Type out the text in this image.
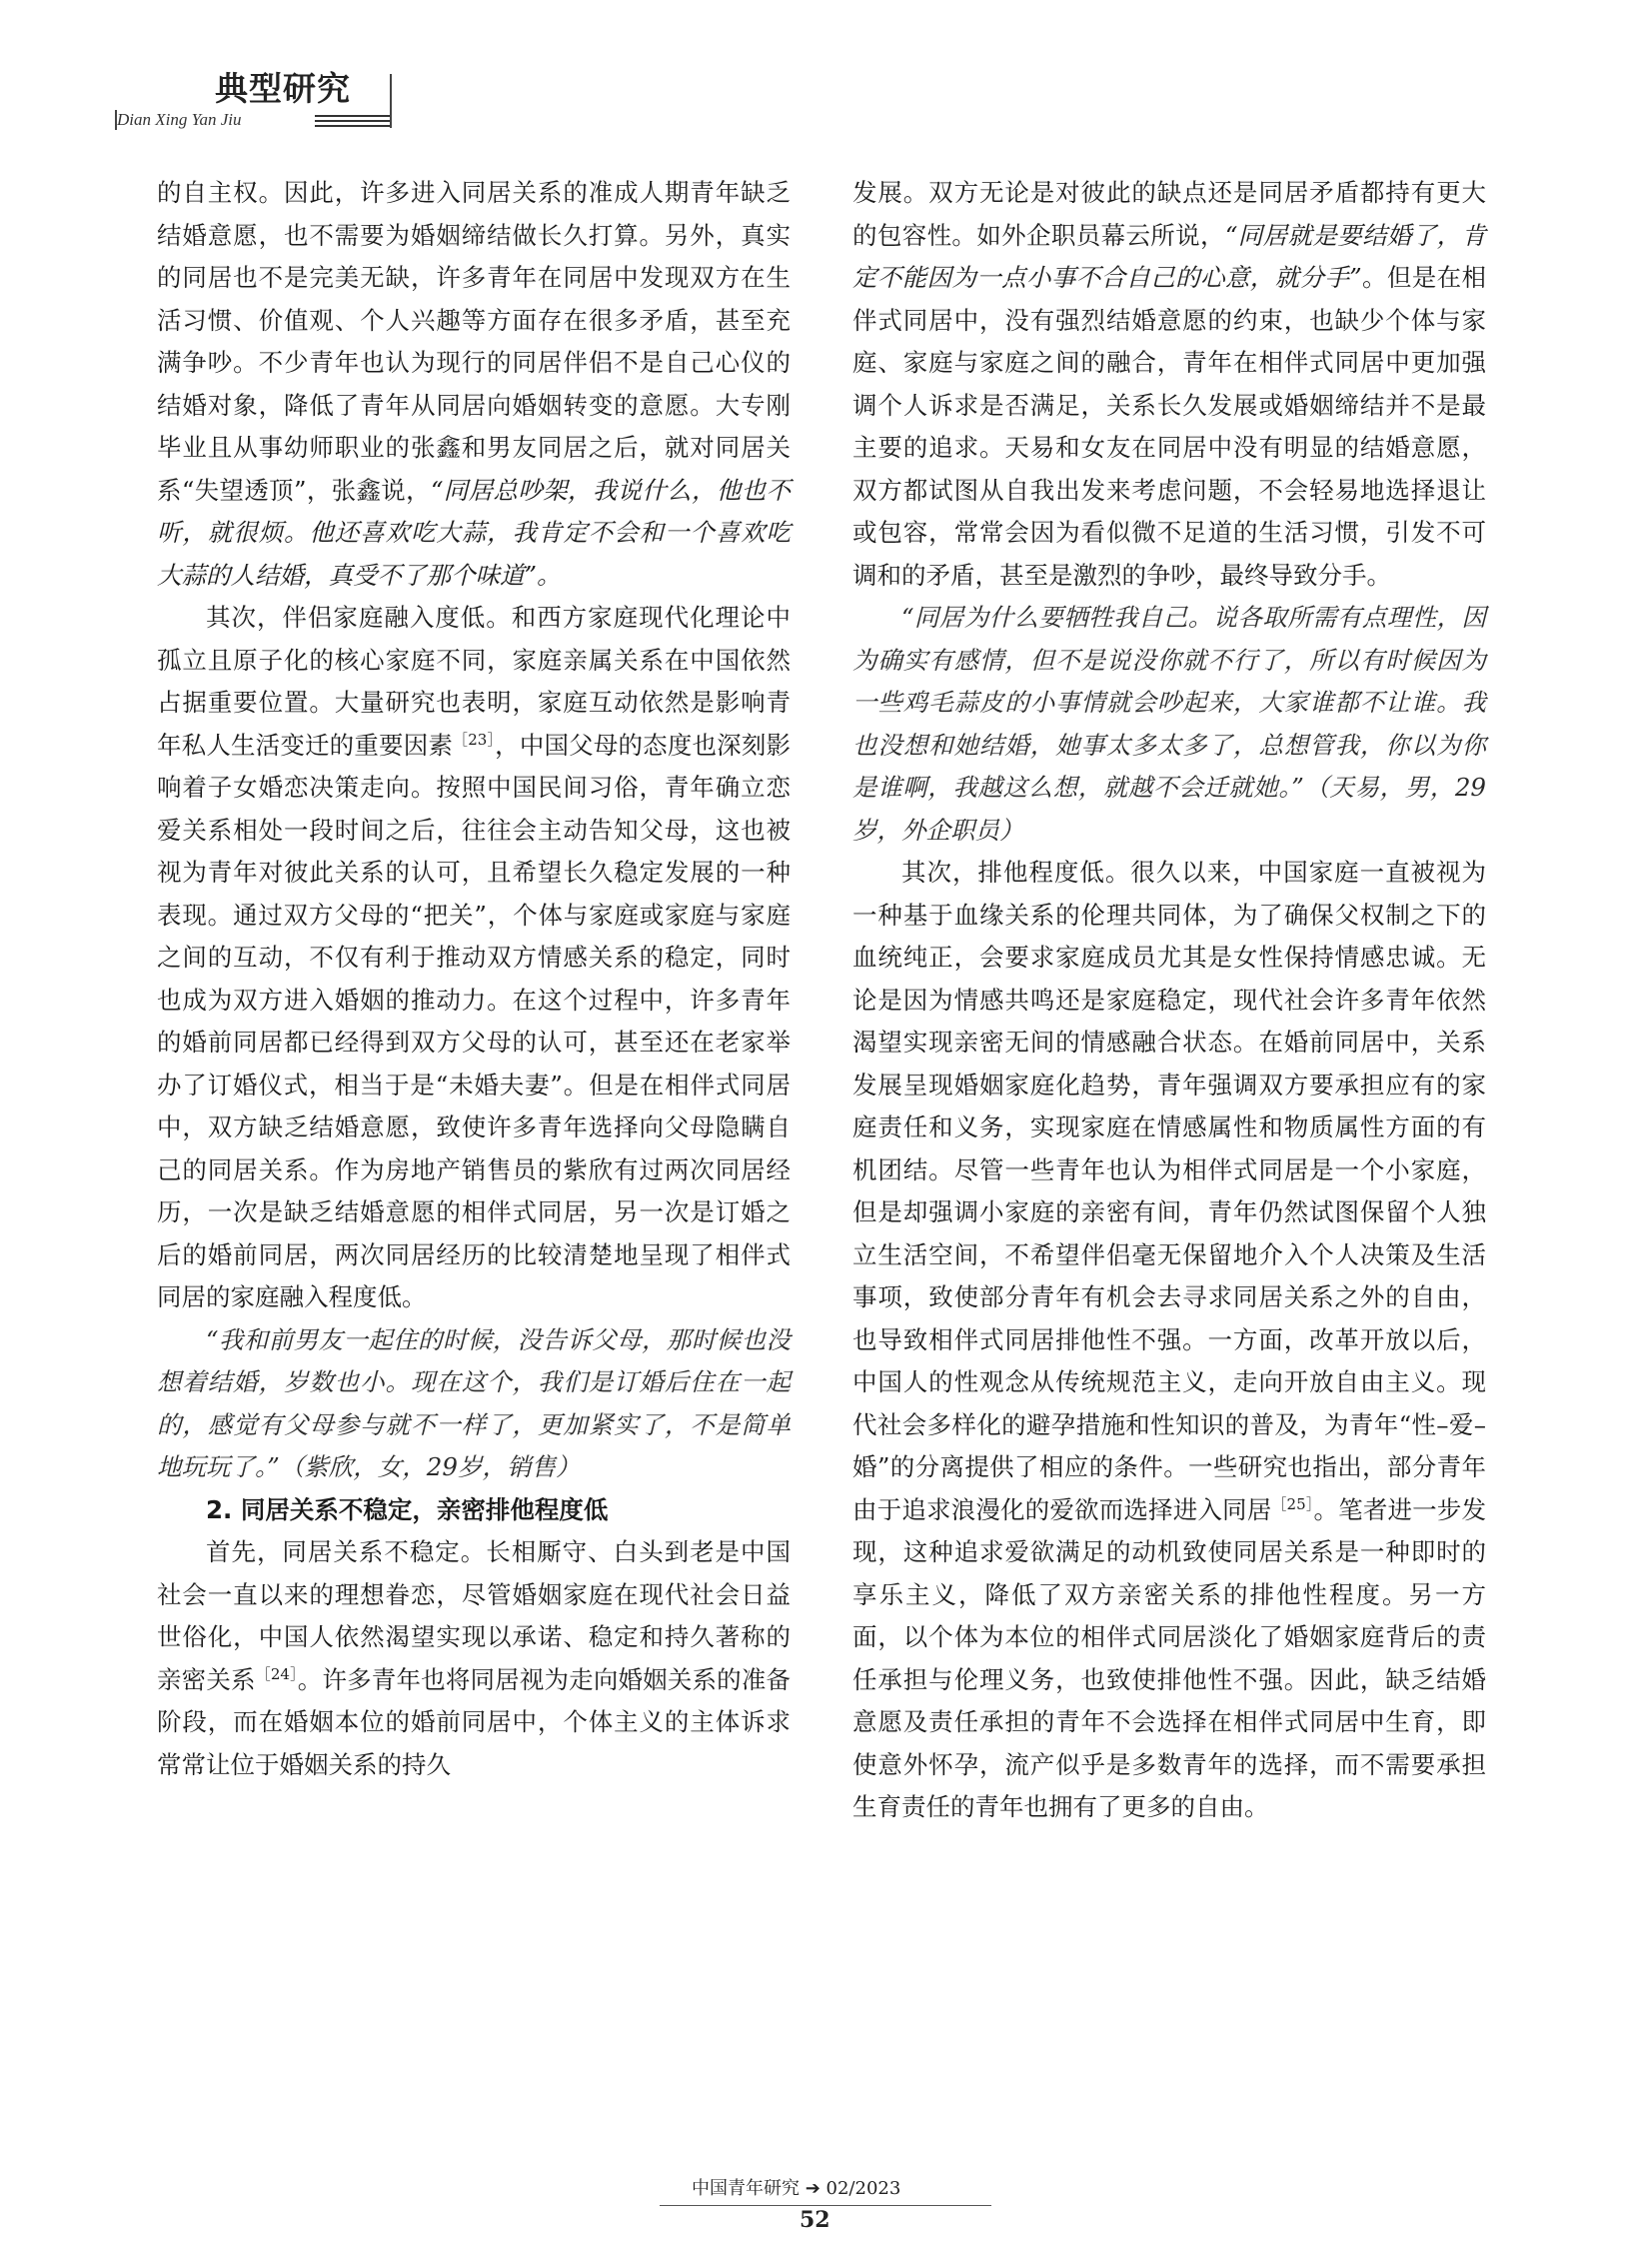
典型研究
Dian Xing Yan Jiu

的自主权。因此，许多进入同居关系的准成人期青年缺乏结婚意愿，也不需要为婚姻缔结做长久打算。另外，真实的同居也不是完美无缺，许多青年在同居中发现双方在生活习惯、价值观、个人兴趣等方面存在很多矛盾，甚至充满争吵。不少青年也认为现行的同居伴侣不是自己心仪的结婚对象，降低了青年从同居向婚姻转变的意愿。大专刚毕业且从事幼师职业的张鑫和男友同居之后，就对同居关系“失望透顶”，张鑫说，“同居总吵架，我说什么，他也不听，就很烦。他还喜欢吃大蒜，我肯定不会和一个喜欢吃大蒜的人结婚，真受不了那个味道”。

其次，伴侣家庭融入度低。和西方家庭现代化理论中孤立且原子化的核心家庭不同，家庭亲属关系在中国依然占据重要位置。大量研究也表明，家庭互动依然是影响青年私人生活变迁的重要因素$^{[23]}$，中国父母的态度也深刻影响着子女婚恋决策走向。按照中国民间习俗，青年确立恋爱关系相处一段时间之后，往往会主动告知父母，这也被视为青年对彼此关系的认可，且希望长久稳定发展的一种表现。通过双方父母的“把关”，个体与家庭或家庭与家庭之间的互动，不仅有利于推动双方情感关系的稳定，同时也成为双方进入婚姻的推动力。在这个过程中，许多青年的婚前同居都已经得到双方父母的认可，甚至还在老家举办了订婚仪式，相当于是“未婚夫妻”。但是在相伴式同居中，双方缺乏结婚意愿，致使许多青年选择向父母隐瞒自己的同居关系。作为房地产销售员的紫欣有过两次同居经历，一次是缺乏结婚意愿的相伴式同居，另一次是订婚之后的婚前同居，两次同居经历的比较清楚地呈现了相伴式同居的家庭融入程度低。

“我和前男友一起住的时候，没告诉父母，那时候也没想着结婚，岁数也小。现在这个，我们是订婚后住在一起的，感觉有父母参与就不一样了，更加紧实了，不是简单地玩玩了。”（紫欣，女，29岁，销售）

2. 同居关系不稳定，亲密排他程度低

首先，同居关系不稳定。长相厮守、白头到老是中国社会一直以来的理想眷恋，尽管婚姻家庭在现代社会日益世俗化，中国人依然渴望实现以承诺、稳定和持久著称的亲密关系$^{[24]}$。许多青年也将同居视为走向婚姻关系的准备阶段，而在婚姻本位的婚前同居中，个体主义的主体诉求常常让位于婚姻关系的持久

发展。双方无论是对彼此的缺点还是同居矛盾都持有更大的包容性。如外企职员幕云所说，“同居就是要结婚了，肯定不能因为一点小事不合自己的心意，就分手”。但是在相伴式同居中，没有强烈结婚意愿的约束，也缺少个体与家庭、家庭与家庭之间的融合，青年在相伴式同居中更加强调个人诉求是否满足，关系长久发展或婚姻缔结并不是最主要的追求。天易和女友在同居中没有明显的结婚意愿，双方都试图从自我出发来考虑问题，不会轻易地选择退让或包容，常常会因为看似微不足道的生活习惯，引发不可调和的矛盾，甚至是激烈的争吵，最终导致分手。

“同居为什么要牺牲我自己。说各取所需有点理性，因为确实有感情，但不是说没你就不行了，所以有时候因为一些鸡毛蒜皮的小事情就会吵起来，大家谁都不让谁。我也没想和她结婚，她事太多太多了，总想管我，你以为你是谁啊，我越这么想，就越不会迁就她。”（天易，男，29岁，外企职员）

其次，排他程度低。很久以来，中国家庭一直被视为一种基于血缘关系的伦理共同体，为了确保父权制之下的血统纯正，会要求家庭成员尤其是女性保持情感忠诚。无论是因为情感共鸣还是家庭稳定，现代社会许多青年依然渴望实现亲密无间的情感融合状态。在婚前同居中，关系发展呈现婚姻家庭化趋势，青年强调双方要承担应有的家庭责任和义务，实现家庭在情感属性和物质属性方面的有机团结。尽管一些青年也认为相伴式同居是一个小家庭，但是却强调小家庭的亲密有间，青年仍然试图保留个人独立生活空间，不希望伴侣毫无保留地介入个人决策及生活事项，致使部分青年有机会去寻求同居关系之外的自由，也导致相伴式同居排他性不强。一方面，改革开放以后，中国人的性观念从传统规范主义，走向开放自由主义。现代社会多样化的避孕措施和性知识的普及，为青年“性–爱–婚”的分离提供了相应的条件。一些研究也指出，部分青年由于追求浪漫化的爱欲而选择进入同居$^{[25]}$。笔者进一步发现，这种追求爱欲满足的动机致使同居关系是一种即时的享乐主义，降低了双方亲密关系的排他性程度。另一方面，以个体为本位的相伴式同居淡化了婚姻家庭背后的责任承担与伦理义务，也致使排他性不强。因此，缺乏结婚意愿及责任承担的青年不会选择在相伴式同居中生育，即使意外怀孕，流产似乎是多数青年的选择，而不需要承担生育责任的青年也拥有了更多的自由。

中国青年研究 ➔ 02/2023
52
